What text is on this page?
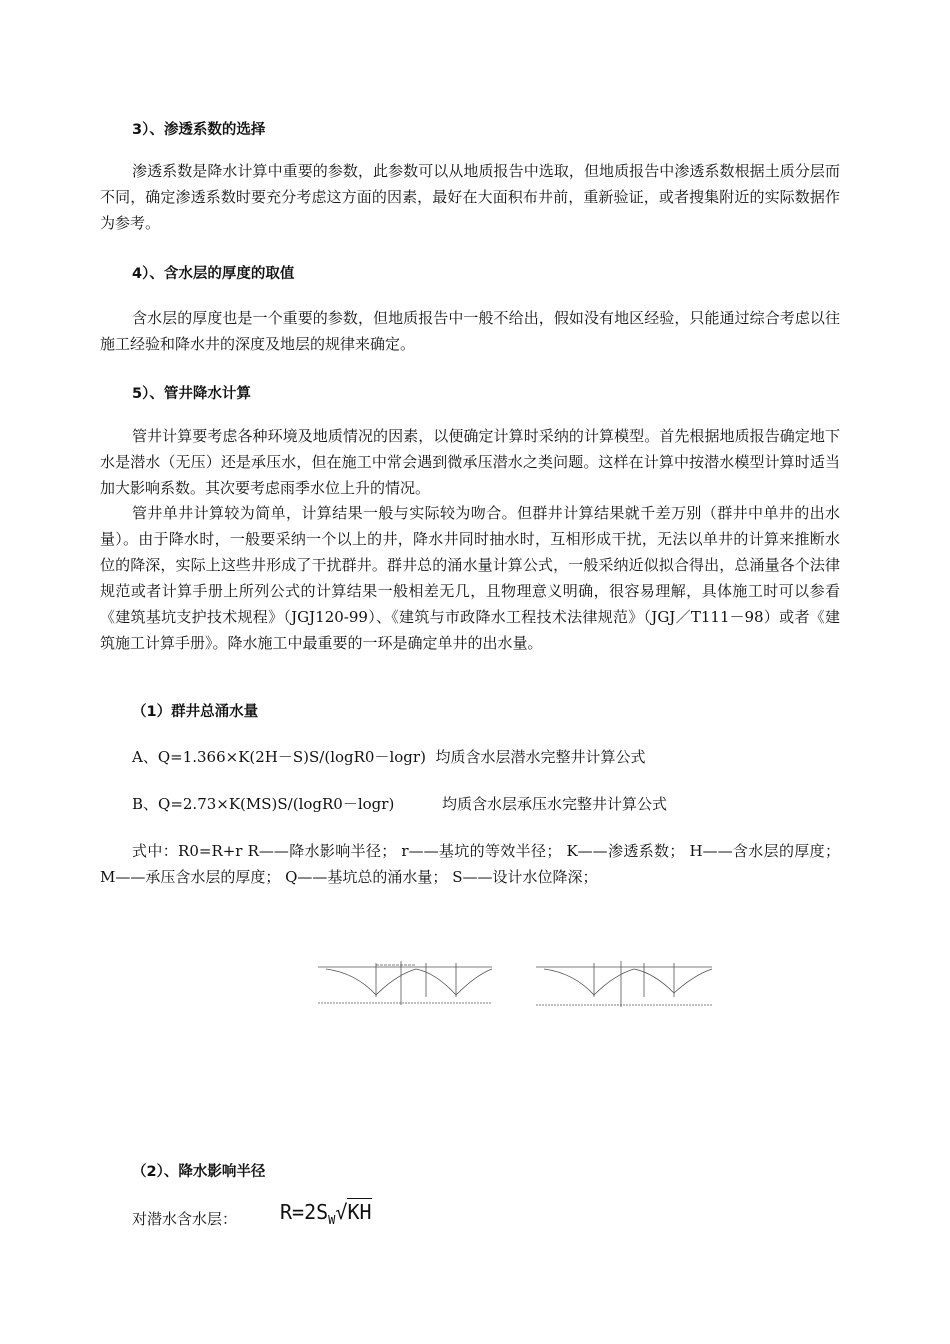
3）、渗透系数的选择

渗透系数是降水计算中重要的参数，此参数可以从地质报告中选取，但地质报告中渗透系数根据土质分层而不同，确定渗透系数时要充分考虑这方面的因素，最好在大面积布井前，重新验证，或者搜集附近的实际数据作为参考。

4）、含水层的厚度的取值

含水层的厚度也是一个重要的参数，但地质报告中一般不给出，假如没有地区经验，只能通过综合考虑以往施工经验和降水井的深度及地层的规律来确定。

5）、管井降水计算

管井计算要考虑各种环境及地质情况的因素，以便确定计算时采纳的计算模型。首先根据地质报告确定地下水是潜水（无压）还是承压水，但在施工中常会遇到微承压潜水之类问题。这样在计算中按潜水模型计算时适当加大影响系数。其次要考虑雨季水位上升的情况。

管井单井计算较为简单，计算结果一般与实际较为吻合。但群井计算结果就千差万别（群井中单井的出水量）。由于降水时，一般要采纳一个以上的井，降水井同时抽水时，互相形成干扰，无法以单井的计算来推断水位的降深，实际上这些井形成了干扰群井。群井总的涌水量计算公式，一般采纳近似拟合得出，总涌量各个法律规范或者计算手册上所列公式的计算结果一般相差无几，且物理意义明确，很容易理解，具体施工时可以参看《建筑基坑支护技术规程》（JGJ120-99）、《建筑与市政降水工程技术法律规范》（JGJ／T111－98）或者《建筑施工计算手册》。降水施工中最重要的一环是确定单井的出水量。

（1）群井总涌水量

A、Q=1.366×K(2H－S)S/(logR0－logr)  均质含水层潜水完整井计算公式

B、Q=2.73×K(MS)S/(logR0－logr)          均质含水层承压水完整井计算公式

式中：R0=R+r R——降水影响半径； r——基坑的等效半径； K——渗透系数； H——含水层的厚度； M——承压含水层的厚度； Q——基坑总的涌水量； S——设计水位降深；

（2）、降水影响半径

对潜水含水层： $R=2S_W√KH$
